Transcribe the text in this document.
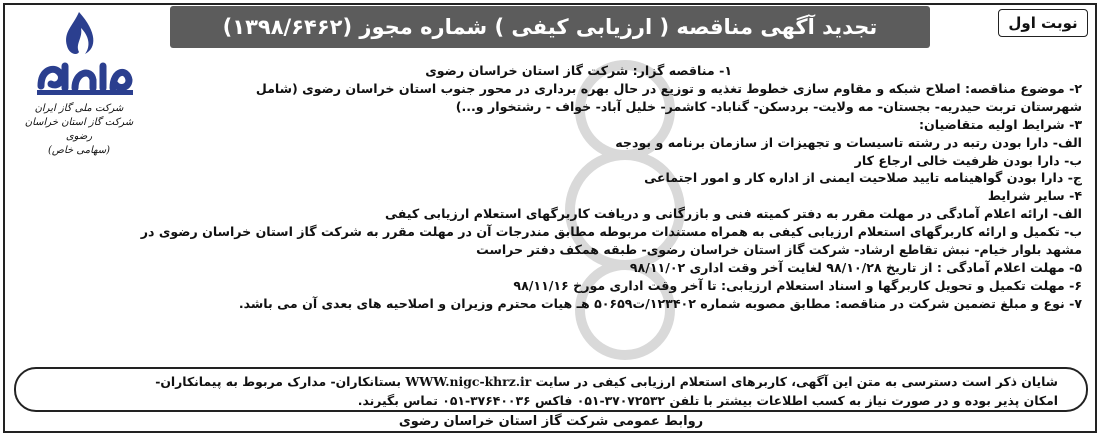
نوبت اول
تجدید آگهی مناقصه ( ارزیابی کیفی ) شماره مجوز (۱۳۹۸/۶۴۶۲)
شرکت ملی گاز ایران
شرکت گاز استان خراسان رضوی
(سهامی خاص)
۱- مناقصه گزار: شرکت گاز استان خراسان رضوی
۲- موضوع مناقصه: اصلاح شبکه و مقاوم سازی خطوط تغذیه و توزیع در حال بهره برداری در محور جنوب استان خراسان رضوی (شامل
شهرستان تربت حیدریه- بجستان- مه ولایت- بردسکن- گناباد- کاشمر- خلیل آباد- خواف - رشتخوار و...)
۳- شرایط اولیه متقاضیان:
الف- دارا بودن رتبه در رشته تاسیسات و تجهیزات از سازمان برنامه و بودجه
ب- دارا بودن ظرفیت خالی ارجاع کار
ج- دارا بودن گواهینامه تایید صلاحیت ایمنی از اداره کار و امور اجتماعی
۴- سایر شرایط
الف- ارائه اعلام آمادگی در مهلت مقرر به دفتر کمیته فنی و بازرگانی و دریافت کاربرگهای استعلام ارزیابی کیفی
ب- تکمیل و ارائه کاربرگهای استعلام ارزیابی کیفی به همراه مستندات مربوطه مطابق مندرجات آن در مهلت مقرر به شرکت گاز استان خراسان رضوی در
مشهد بلوار خیام- نبش تقاطع ارشاد- شرکت گاز استان خراسان رضوی- طبقه همکف دفتر حراست
۵- مهلت اعلام آمادگی : از تاریخ ۹۸/۱۰/۲۸ لغایت آخر وقت اداری ۹۸/۱۱/۰۲
۶- مهلت تکمیل و تحویل کاربرگها و اسناد استعلام ارزیابی: تا آخر وقت اداری مورخ ۹۸/۱۱/۱۶
۷- نوع و مبلغ تضمین شرکت در مناقصه: مطابق مصوبه شماره ۱۲۳۴۰۲/ت۵۰۶۵۹ هـ هیات محترم وزیران و اصلاحیه های بعدی آن می باشد.
شایان ذکر است دسترسی به متن این آگهی، کاربرهای استعلام ارزیابی کیفی در سایت WWW.nigc-khrz.ir بستانکاران- مدارک مربوط به پیمانکاران-
امکان پذیر بوده و در صورت نیاز به کسب اطلاعات بیشتر با تلفن ۳۷۰۷۲۵۳۲-۰۵۱ فاکس ۳۷۶۴۰۰۳۶-۰۵۱ تماس بگیرند.
روابط عمومی شرکت گاز استان خراسان رضوی
